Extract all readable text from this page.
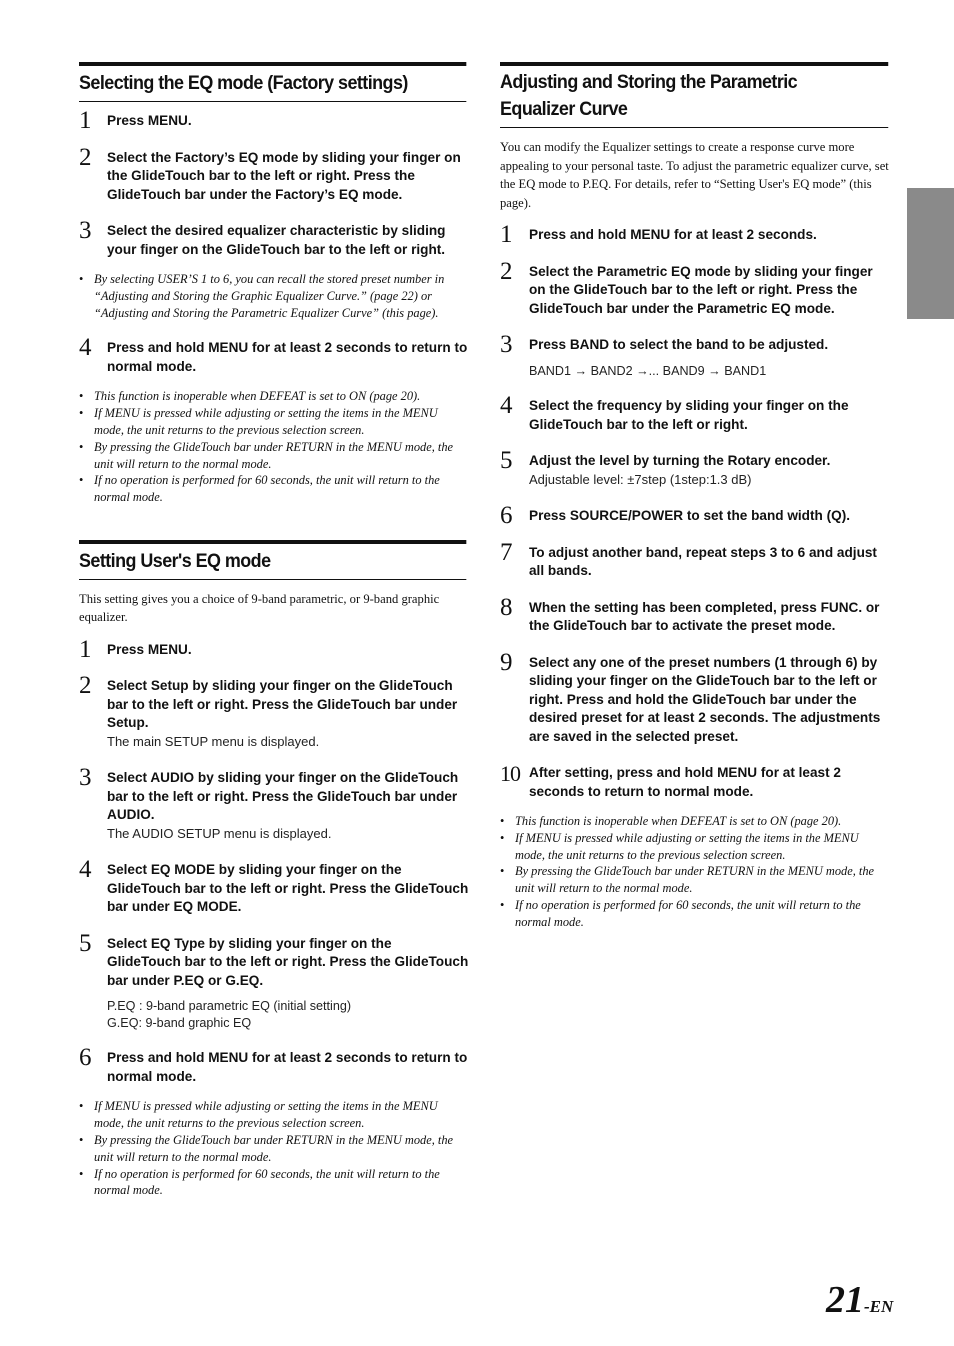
Selecting the EQ mode (Factory settings)
1 Press MENU.
2 Select the Factory’s EQ mode by sliding your finger on the GlideTouch bar to the left or right. Press the GlideTouch bar under the Factory’s EQ mode.
3 Select the desired equalizer characteristic by sliding your finger on the GlideTouch bar to the left or right.
• By selecting USER’S 1 to 6, you can recall the stored preset number in “Adjusting and Storing the Graphic Equalizer Curve.” (page 22) or “Adjusting and Storing the Parametric Equalizer Curve” (this page).
4 Press and hold MENU for at least 2 seconds to return to normal mode.
• This function is inoperable when DEFEAT is set to ON (page 20).
• If MENU is pressed while adjusting or setting the items in the MENU mode, the unit returns to the previous selection screen.
• By pressing the GlideTouch bar under RETURN in the MENU mode, the unit will return to the normal mode.
• If no operation is performed for 60 seconds, the unit will return to the normal mode.
Setting User's EQ mode

This setting gives you a choice of 9-band parametric, or 9-band graphic equalizer.

1 Press MENU.
2 Select Setup by sliding your finger on the GlideTouch bar to the left or right. Press the GlideTouch bar under Setup.
The main SETUP menu is displayed.
3 Select AUDIO by sliding your finger on the GlideTouch bar to the left or right. Press the GlideTouch bar under AUDIO.
The AUDIO SETUP menu is displayed.
4 Select EQ MODE by sliding your finger on the GlideTouch bar to the left or right. Press the GlideTouch bar under EQ MODE.
5 Select EQ Type by sliding your finger on the GlideTouch bar to the left or right. Press the GlideTouch bar under P.EQ or G.EQ.
P.EQ : 9-band parametric EQ (initial setting)
G.EQ: 9-band graphic EQ
6 Press and hold MENU for at least 2 seconds to return to normal mode.
• If MENU is pressed while adjusting or setting the items in the MENU mode, the unit returns to the previous selection screen.
• By pressing the GlideTouch bar under RETURN in the MENU mode, the unit will return to the normal mode.
• If no operation is performed for 60 seconds, the unit will return to the normal mode.
Adjusting and Storing the Parametric
Equalizer Curve

You can modify the Equalizer settings to create a response curve more appealing to your personal taste. To adjust the parametric equalizer curve, set the EQ mode to P.EQ. For details, refer to “Setting User's EQ mode” (this page).

1 Press and hold MENU for at least 2 seconds.
2 Select the Parametric EQ mode by sliding your finger on the GlideTouch bar to the left or right. Press the GlideTouch bar under the Parametric EQ mode.
3 Press BAND to select the band to be adjusted.
BAND1 → BAND2 →... BAND9 → BAND1
4 Select the frequency by sliding your finger on the GlideTouch bar to the left or right.
5 Adjust the level by turning the Rotary encoder.
Adjustable level: ±7step (1step:1.3 dB)
6 Press SOURCE/POWER to set the band width (Q).
7 To adjust another band, repeat steps 3 to 6 and adjust all bands.
8 When the setting has been completed, press FUNC. or the GlideTouch bar to activate the preset mode.
9 Select any one of the preset numbers (1 through 6) by sliding your finger on the GlideTouch bar to the left or right. Press and hold the GlideTouch bar under the desired preset for at least 2 seconds. The adjustments are saved in the selected preset.
10 After setting, press and hold MENU for at least 2 seconds to return to normal mode.
• This function is inoperable when DEFEAT is set to ON (page 20).
• If MENU is pressed while adjusting or setting the items in the MENU mode, the unit returns to the previous selection screen.
• By pressing the GlideTouch bar under RETURN in the MENU mode, the unit will return to the normal mode.
• If no operation is performed for 60 seconds, the unit will return to the normal mode.
21-EN
